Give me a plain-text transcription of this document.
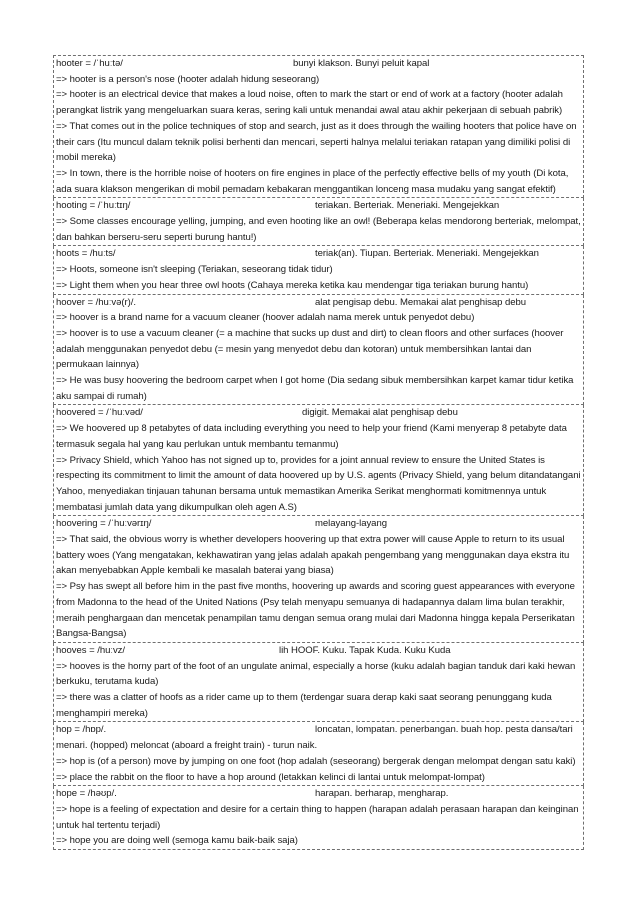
hooter = /ˈhuːtə/	bunyi klakson. Bunyi peluit kapal
=> hooter is a person's nose (hooter adalah hidung seseorang)
=> hooter is an electrical device that makes a loud noise, often to mark the start or end of work at a factory (hooter adalah perangkat listrik yang mengeluarkan suara keras, sering kali untuk menandai awal atau akhir pekerjaan di sebuah pabrik)
=> That comes out in the police techniques of stop and search, just as it does through the wailing hooters that police have on their cars (Itu muncul dalam teknik polisi berhenti dan mencari, seperti halnya melalui teriakan ratapan yang dimiliki polisi di mobil mereka)
=> In town, there is the horrible noise of hooters on fire engines in place of the perfectly effective bells of my youth (Di kota, ada suara klakson mengerikan di mobil pemadam kebakaran menggantikan lonceng masa mudaku yang sangat efektif)
hooting = /ˈhuːtɪŋ/	teriakan. Berteriak. Meneriaki. Mengejekkan
=> Some classes encourage yelling, jumping, and even hooting like an owl! (Beberapa kelas mendorong berteriak, melompat, dan bahkan berseru-seru seperti burung hantu!)
hoots = /huːts/	teriak(an). Tiupan. Berteriak. Meneriaki. Mengejekkan
=> Hoots, someone isn't sleeping (Teriakan, seseorang tidak tidur)
=> Light them when you hear three owl hoots (Cahaya mereka ketika kau mendengar tiga teriakan burung hantu)
hoover = /huːvə(r)/.	alat pengisap debu. Memakai alat penghisap debu
=> hoover is a brand name for a vacuum cleaner (hoover adalah nama merek untuk penyedot debu)
=> hoover is to use a vacuum cleaner (= a machine that sucks up dust and dirt) to clean floors and other surfaces (hoover adalah menggunakan penyedot debu (= mesin yang menyedot debu dan kotoran) untuk membersihkan lantai dan permukaan lainnya)
=> He was busy hoovering the bedroom carpet when I got home (Dia sedang sibuk membersihkan karpet kamar tidur ketika aku sampai di rumah)
hoovered = /ˈhuːvəd/	digigit. Memakai alat penghisap debu
=> We hoovered up 8 petabytes of data including everything you need to help your friend (Kami menyerap 8 petabyte data termasuk segala hal yang kau perlukan untuk membantu temanmu)
=> Privacy Shield, which Yahoo has not signed up to, provides for a joint annual review to ensure the United States is respecting its commitment to limit the amount of data hoovered up by U.S. agents (Privacy Shield, yang belum ditandatangani Yahoo, menyediakan tinjauan tahunan bersama untuk memastikan Amerika Serikat menghormati komitmennya untuk membatasi jumlah data yang dikumpulkan oleh agen A.S)
hoovering = /ˈhuːvərɪŋ/	melayang-layang
=> That said, the obvious worry is whether developers hoovering up that extra power will cause Apple to return to its usual battery woes (Yang mengatakan, kekhawatiran yang jelas adalah apakah pengembang yang menggunakan daya ekstra itu akan menyebabkan Apple kembali ke masalah baterai yang biasa)
=> Psy has swept all before him in the past five months, hoovering up awards and scoring guest appearances with everyone from Madonna to the head of the United Nations (Psy telah menyapu semuanya di hadapannya dalam lima bulan terakhir, meraih penghargaan dan mencetak penampilan tamu dengan semua orang mulai dari Madonna hingga kepala Perserikatan Bangsa-Bangsa)
hooves = /huːvz/	lih HOOF. Kuku. Tapak Kuda. Kuku Kuda
=> hooves is the horny part of the foot of an ungulate animal, especially a horse (kuku adalah bagian tanduk dari kaki hewan berkuku, terutama kuda)
=> there was a clatter of hoofs as a rider came up to them (terdengar suara derap kaki saat seorang penunggang kuda menghampiri mereka)
hop = /hɒp/.	loncatan, lompatan. penerbangan. buah hop. pesta dansa/tari menari. (hopped) meloncat (aboard a freight train) - turun naik.
=> hop is (of a person) move by jumping on one foot (hop adalah (seseorang) bergerak dengan melompat dengan satu kaki)
=> place the rabbit on the floor to have a hop around (letakkan kelinci di lantai untuk melompat-lompat)
hope = /həʊp/.	harapan. berharap, mengharap.
=> hope is a feeling of expectation and desire for a certain thing to happen (harapan adalah perasaan harapan dan keinginan untuk hal tertentu terjadi)
=> hope you are doing well (semoga kamu baik-baik saja)
